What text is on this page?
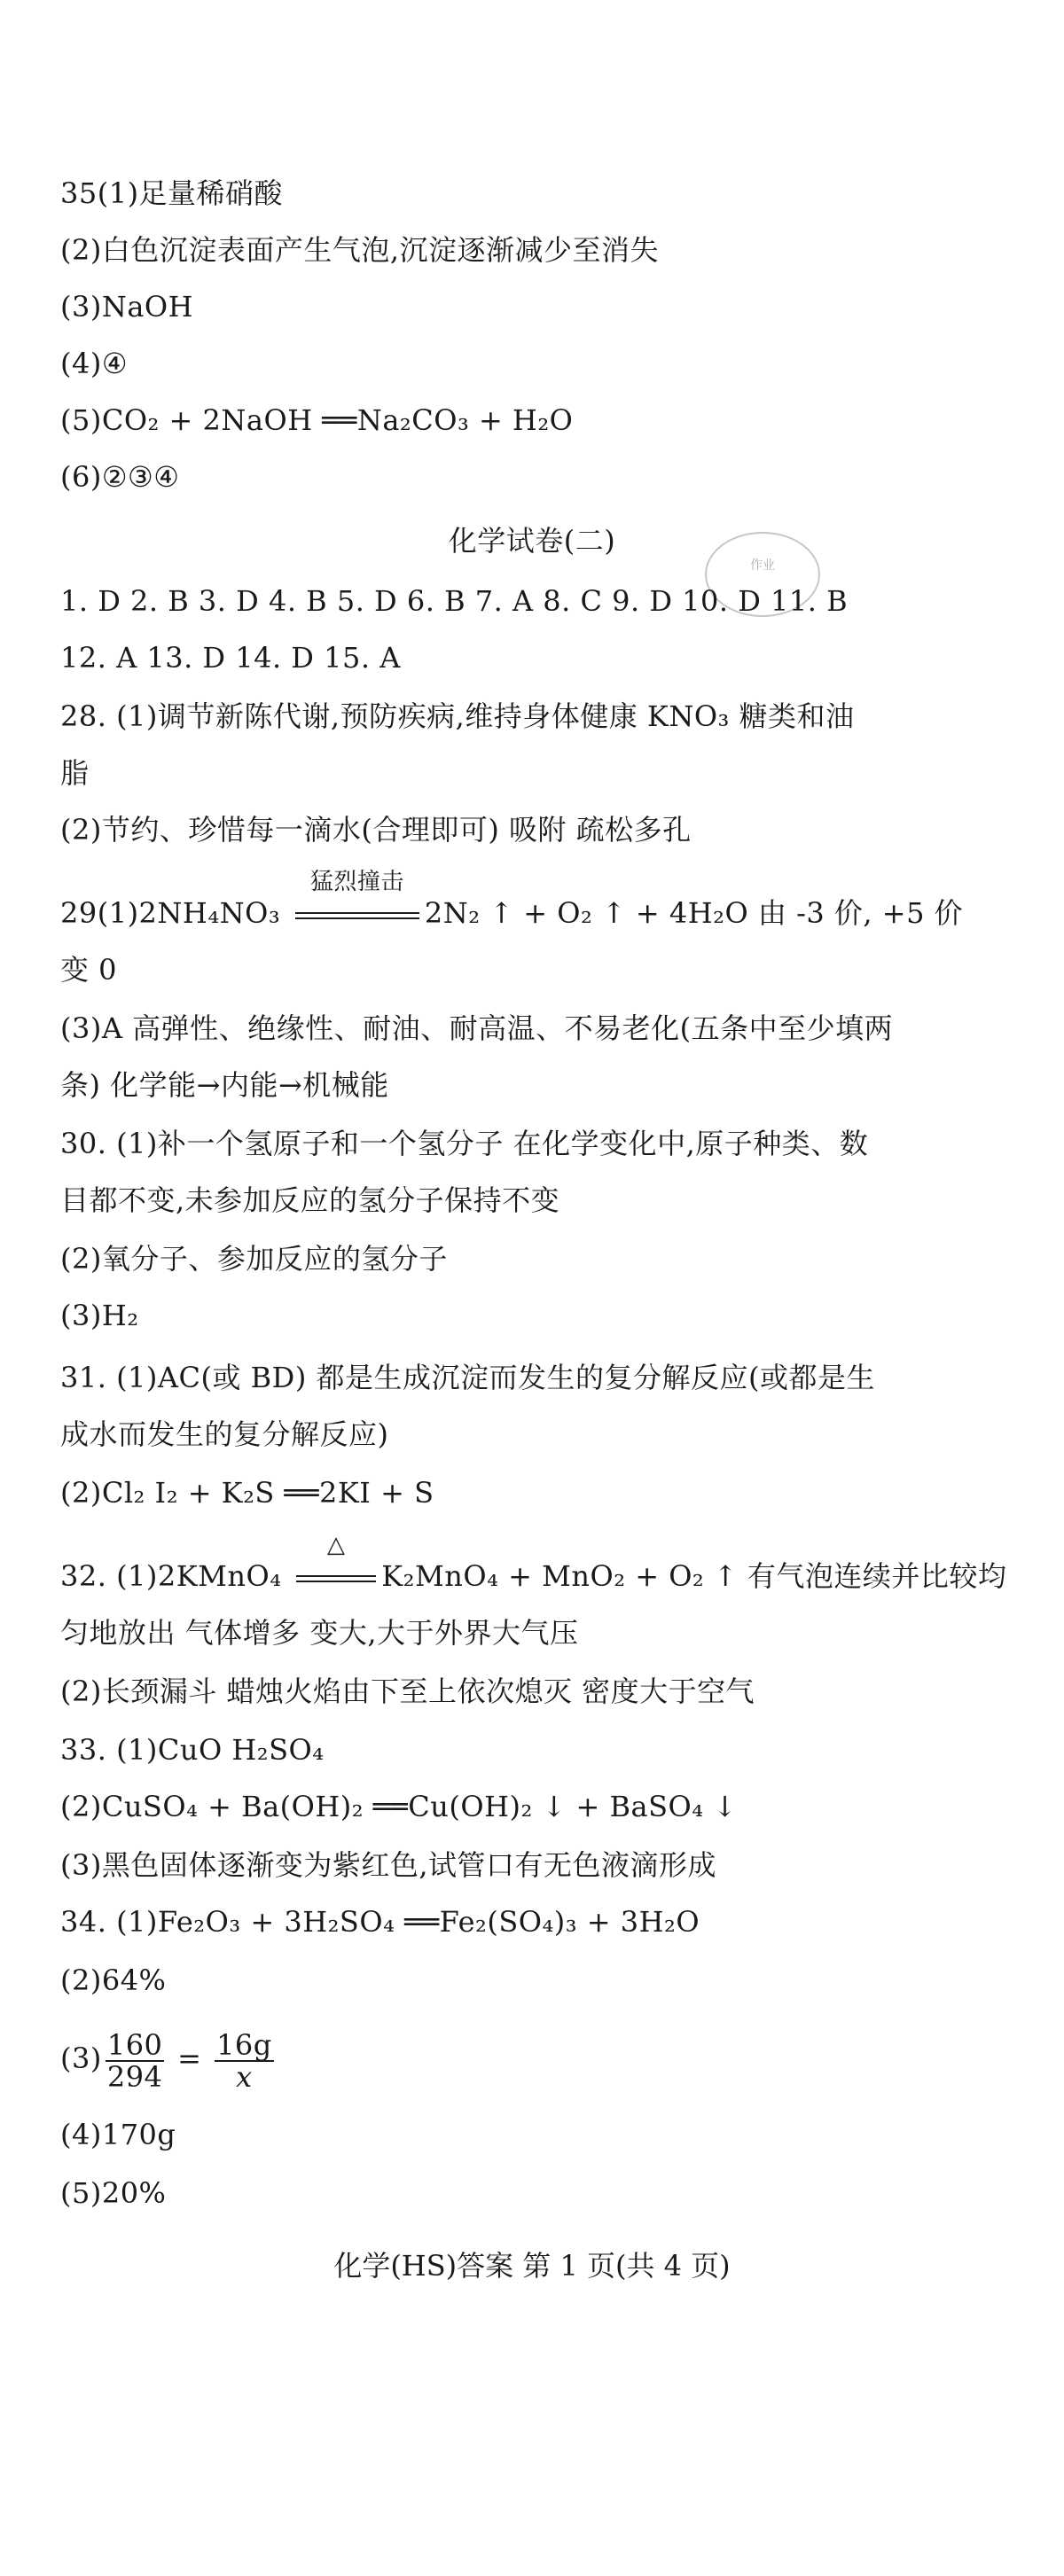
35(1)足量稀硝酸
(2)白色沉淀表面产生气泡,沉淀逐渐减少至消失
(3)NaOH
(4)④
(5)CO₂ + 2NaOH ══Na₂CO₃ + H₂O
(6)②③④
化学试卷(二)
作业
1. D 2. B 3. D 4. B 5. D 6. B 7. A 8. C 9. D 10. D 11. B
12. A 13. D 14. D 15. A
28. (1)调节新陈代谢,预防疾病,维持身体健康 KNO₃ 糖类和油
脂
(2)节约、珍惜每一滴水(合理即可) 吸附 疏松多孔
29(1)2NH₄NO₃
猛烈撞击
2N₂ ↑ + O₂ ↑ + 4H₂O 由 -3 价, +5 价
变 0
(3)A 高弹性、绝缘性、耐油、耐高温、不易老化(五条中至少填两
条) 化学能→内能→机械能
30. (1)补一个氢原子和一个氢分子 在化学变化中,原子种类、数
目都不变,未参加反应的氢分子保持不变
(2)氧分子、参加反应的氢分子
(3)H₂
31. (1)AC(或 BD) 都是生成沉淀而发生的复分解反应(或都是生
成水而发生的复分解反应)
(2)Cl₂ I₂ + K₂S ══2KI + S
32. (1)2KMnO₄
△
K₂MnO₄ + MnO₂ + O₂ ↑ 有气泡连续并比较均
匀地放出 气体增多 变大,大于外界大气压
(2)长颈漏斗 蜡烛火焰由下至上依次熄灭 密度大于空气
33. (1)CuO H₂SO₄
(2)CuSO₄ + Ba(OH)₂ ══Cu(OH)₂ ↓ + BaSO₄ ↓
(3)黑色固体逐渐变为紫红色,试管口有无色液滴形成
34. (1)Fe₂O₃ + 3H₂SO₄ ══Fe₂(SO₄)₃ + 3H₂O
(2)64%
$(3) \frac{160}{294} = \frac{16g}{x}$
(4)170g
(5)20%
化学(HS)答案 第 1 页(共 4 页)
